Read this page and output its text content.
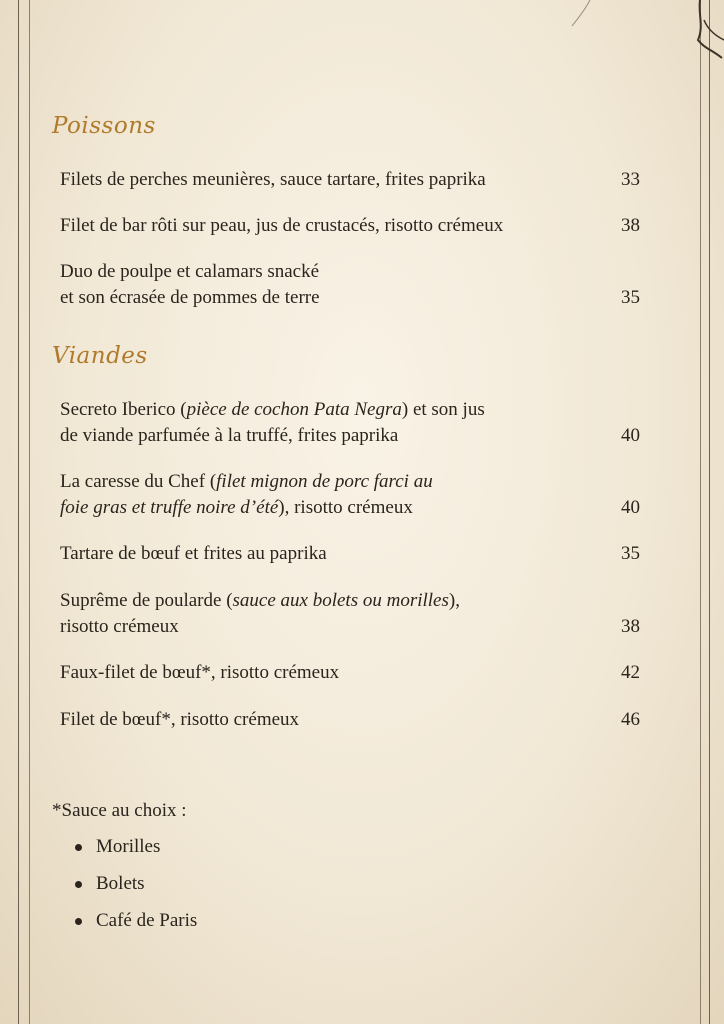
Poissons
Filets de perches meunières, sauce tartare, frites paprika	33
Filet de bar rôti sur peau, jus de crustacés, risotto crémeux	38
Duo de poulpe et calamars snacké
et son écrasée de pommes de terre	35
Viandes
Secreto Iberico (pièce de cochon Pata Negra) et son jus
de viande parfumée à la truffé, frites paprika	40
La caresse du Chef (filet mignon de porc farci au
foie gras et truffe noire d’été), risotto crémeux	40
Tartare de bœuf et frites au paprika	35
Suprême de poularde (sauce aux bolets ou morilles),
risotto crémeux	38
Faux-filet de bœuf*, risotto crémeux	42
Filet de bœuf*, risotto crémeux	46
*Sauce au choix :
Morilles
Bolets
Café de Paris
